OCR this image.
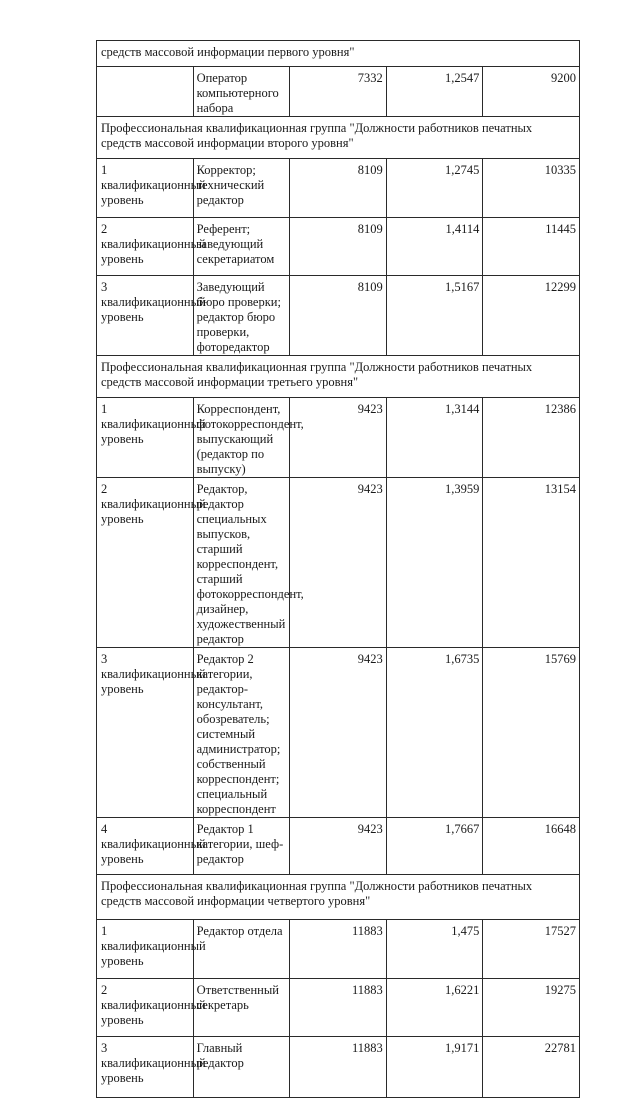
средств массовой информации первого уровня"				

	Оператор компьютерного набора	7332	1,2547	9200

Профессиональная квалификационная группа "Должности работников печатных средств массовой информации второго уровня"				

1 квалификационный уровень	Корректор; технический редактор	8109	1,2745	10335

2 квалификационный уровень	Референт; заведующий секретариатом	8109	1,4114	11445

3 квалификационный уровень	Заведующий бюро проверки; редактор бюро проверки, фоторедактор	8109	1,5167	12299

Профессиональная квалификационная группа "Должности работников печатных средств массовой информации третьего уровня"				

1 квалификационный уровень	Корреспондент, фотокорреспондент, выпускающий (редактор по выпуску)	9423	1,3144	12386

2 квалификационный уровень	Редактор, редактор специальных выпусков, старший корреспондент, старший фотокорреспондент, дизайнер, художественный редактор	9423	1,3959	13154

3 квалификационный уровень	Редактор 2 категории, редактор-консультант, обозреватель; системный администратор; собственный корреспондент; специальный корреспондент	9423	1,6735	15769

4 квалификационный уровень	Редактор 1 категории, шеф-редактор	9423	1,7667	16648

Профессиональная квалификационная группа "Должности работников печатных средств массовой информации четвертого уровня"				

1 квалификационный уровень	Редактор отдела	11883	1,475	17527

2 квалификационный уровень	Ответственный секретарь	11883	1,6221	19275

3 квалификационный уровень	Главный редактор	11883	1,9171	22781
